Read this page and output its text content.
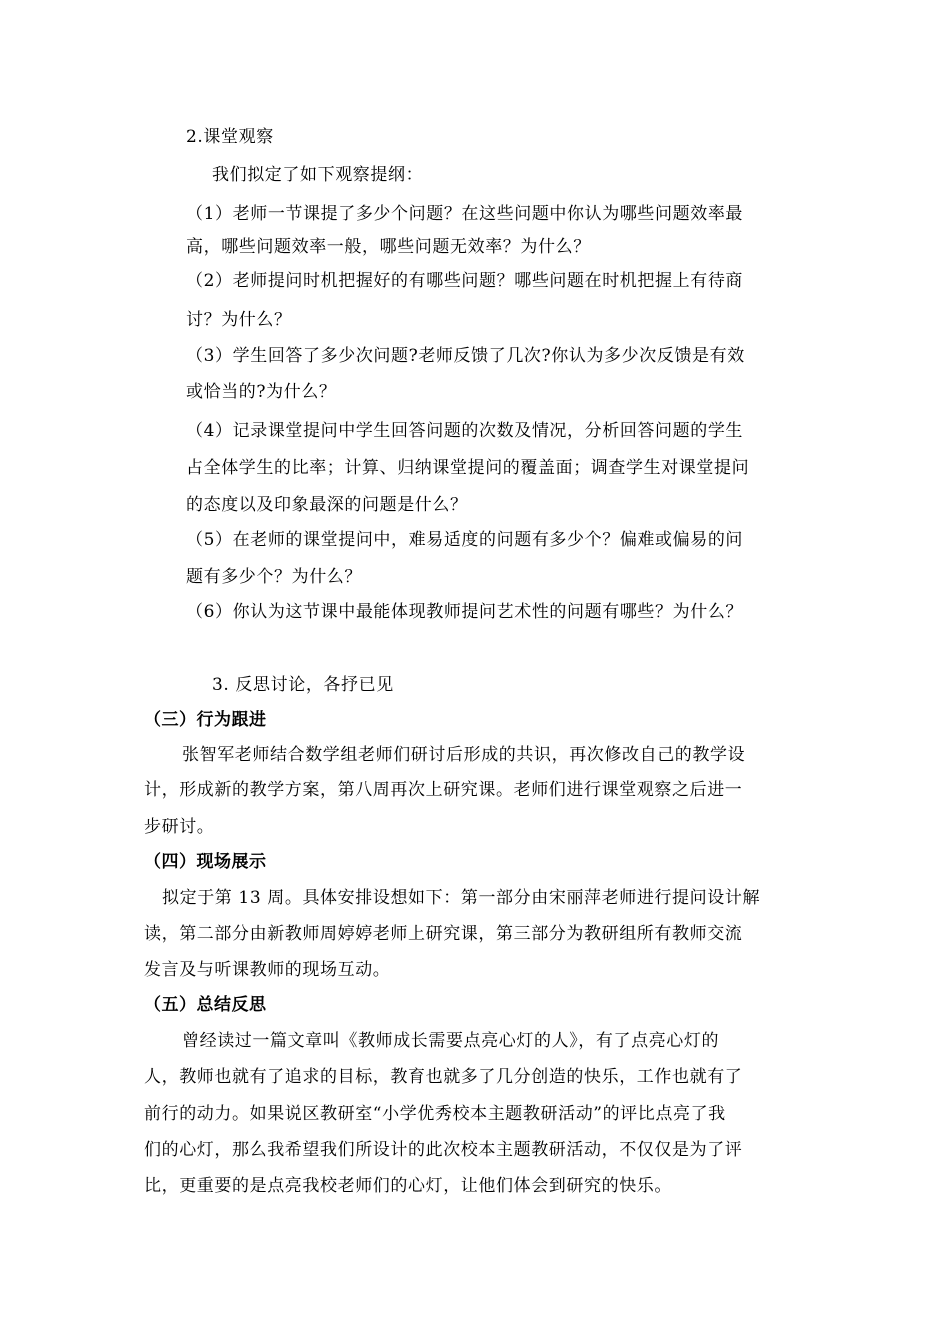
2.课堂观察
我们拟定了如下观察提纲：
（1）老师一节课提了多少个问题？在这些问题中你认为哪些问题效率最
高，哪些问题效率一般，哪些问题无效率？为什么？
（2）老师提问时机把握好的有哪些问题？哪些问题在时机把握上有待商
讨？为什么？
（3）学生回答了多少次问题?老师反馈了几次?你认为多少次反馈是有效
或恰当的?为什么？
（4）记录课堂提问中学生回答问题的次数及情况，分析回答问题的学生
占全体学生的比率；计算、归纳课堂提问的覆盖面；调查学生对课堂提问
的态度以及印象最深的问题是什么？
（5）在老师的课堂提问中，难易适度的问题有多少个？偏难或偏易的问
题有多少个？为什么？
（6）你认为这节课中最能体现教师提问艺术性的问题有哪些？为什么？
3. 反思讨论，各抒已见
（三）行为跟进
张智军老师结合数学组老师们研讨后形成的共识，再次修改自己的教学设
计，形成新的教学方案，第八周再次上研究课。老师们进行课堂观察之后进一
步研讨。
（四）现场展示
拟定于第 13 周。具体安排设想如下：第一部分由宋丽萍老师进行提问设计解
读，第二部分由新教师周婷婷老师上研究课，第三部分为教研组所有教师交流
发言及与听课教师的现场互动。
（五）总结反思
曾经读过一篇文章叫《教师成长需要点亮心灯的人》，有了点亮心灯的
人，教师也就有了追求的目标，教育也就多了几分创造的快乐，工作也就有了
前行的动力。如果说区教研室“小学优秀校本主题教研活动”的评比点亮了我
们的心灯，那么我希望我们所设计的此次校本主题教研活动，不仅仅是为了评
比，更重要的是点亮我校老师们的心灯，让他们体会到研究的快乐。
